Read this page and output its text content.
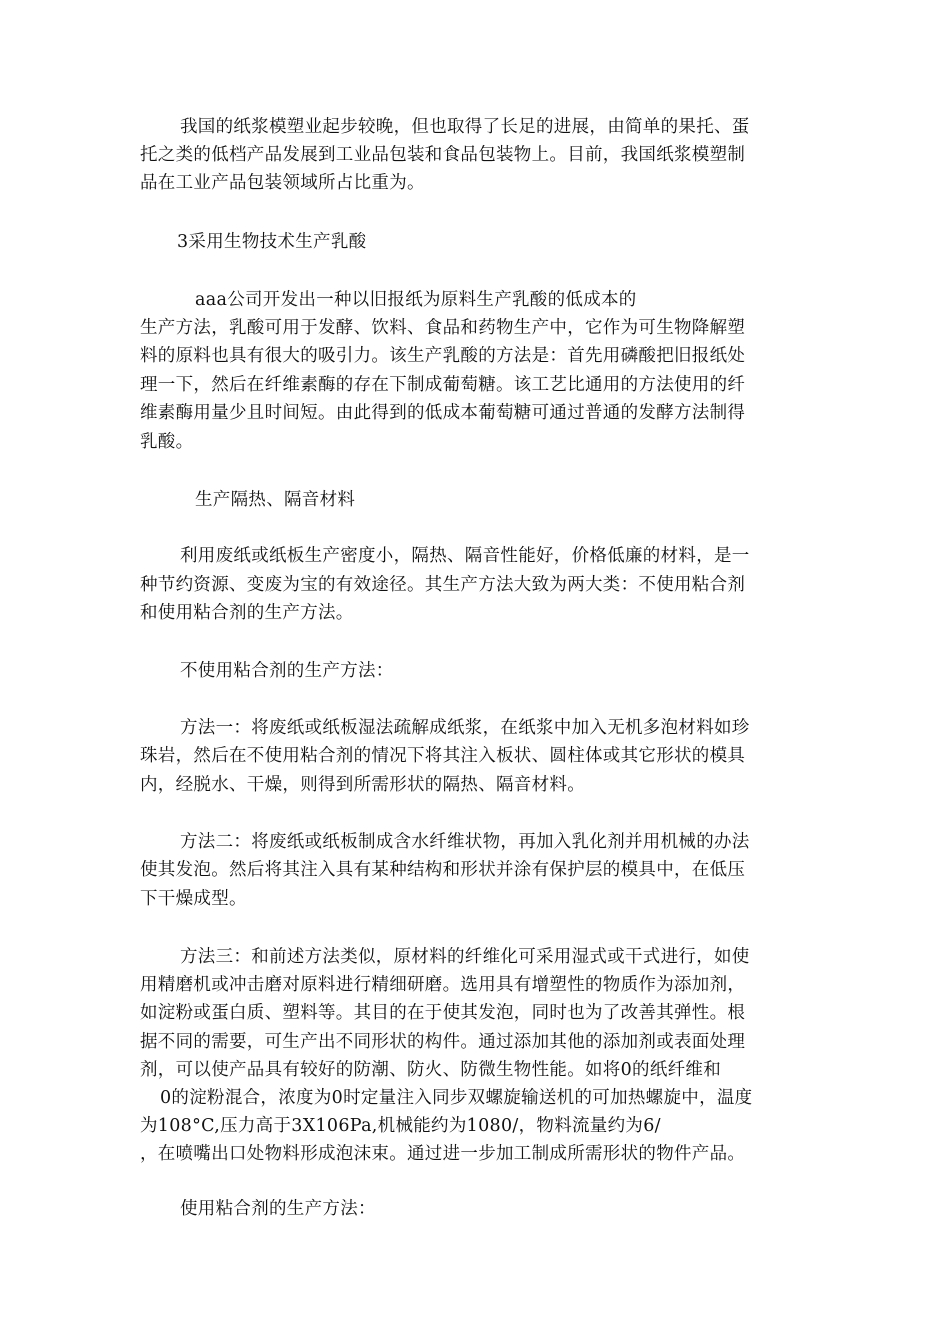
我国的纸浆模塑业起步较晚，但也取得了长足的进展，由简单的果托、蛋
托之类的低档产品发展到工业品包装和食品包装物上。目前，我国纸浆模塑制
品在工业产品包装领域所占比重为。
3采用生物技术生产乳酸
aaa公司开发出一种以旧报纸为原料生产乳酸的低成本的
生产方法，乳酸可用于发酵、饮料、食品和药物生产中，它作为可生物降解塑
料的原料也具有很大的吸引力。该生产乳酸的方法是：首先用磷酸把旧报纸处
理一下，然后在纤维素酶的存在下制成葡萄糖。该工艺比通用的方法使用的纤
维素酶用量少且时间短。由此得到的低成本葡萄糖可通过普通的发酵方法制得
乳酸。
生产隔热、隔音材料
利用废纸或纸板生产密度小，隔热、隔音性能好，价格低廉的材料，是一
种节约资源、变废为宝的有效途径。其生产方法大致为两大类：不使用粘合剂
和使用粘合剂的生产方法。
不使用粘合剂的生产方法：
方法一：将废纸或纸板湿法疏解成纸浆，在纸浆中加入无机多泡材料如珍
珠岩，然后在不使用粘合剂的情况下将其注入板状、圆柱体或其它形状的模具
内，经脱水、干燥，则得到所需形状的隔热、隔音材料。
方法二：将废纸或纸板制成含水纤维状物，再加入乳化剂并用机械的办法
使其发泡。然后将其注入具有某种结构和形状并涂有保护层的模具中，在低压
下干燥成型。
方法三：和前述方法类似，原材料的纤维化可采用湿式或干式进行，如使
用精磨机或冲击磨对原料进行精细研磨。选用具有增塑性的物质作为添加剂，
如淀粉或蛋白质、塑料等。其目的在于使其发泡，同时也为了改善其弹性。根
据不同的需要，可生产出不同形状的构件。通过添加其他的添加剂或表面处理
剂，可以使产品具有较好的防潮、防火、防微生物性能。如将0的纸纤维和
0的淀粉混合，浓度为0时定量注入同步双螺旋输送机的可加热螺旋中，温度
为108°C,压力高于3X106Pa,机械能约为1080/，物料流量约为6/
，在喷嘴出口处物料形成泡沫束。通过进一步加工制成所需形状的物件产品。
使用粘合剂的生产方法：
